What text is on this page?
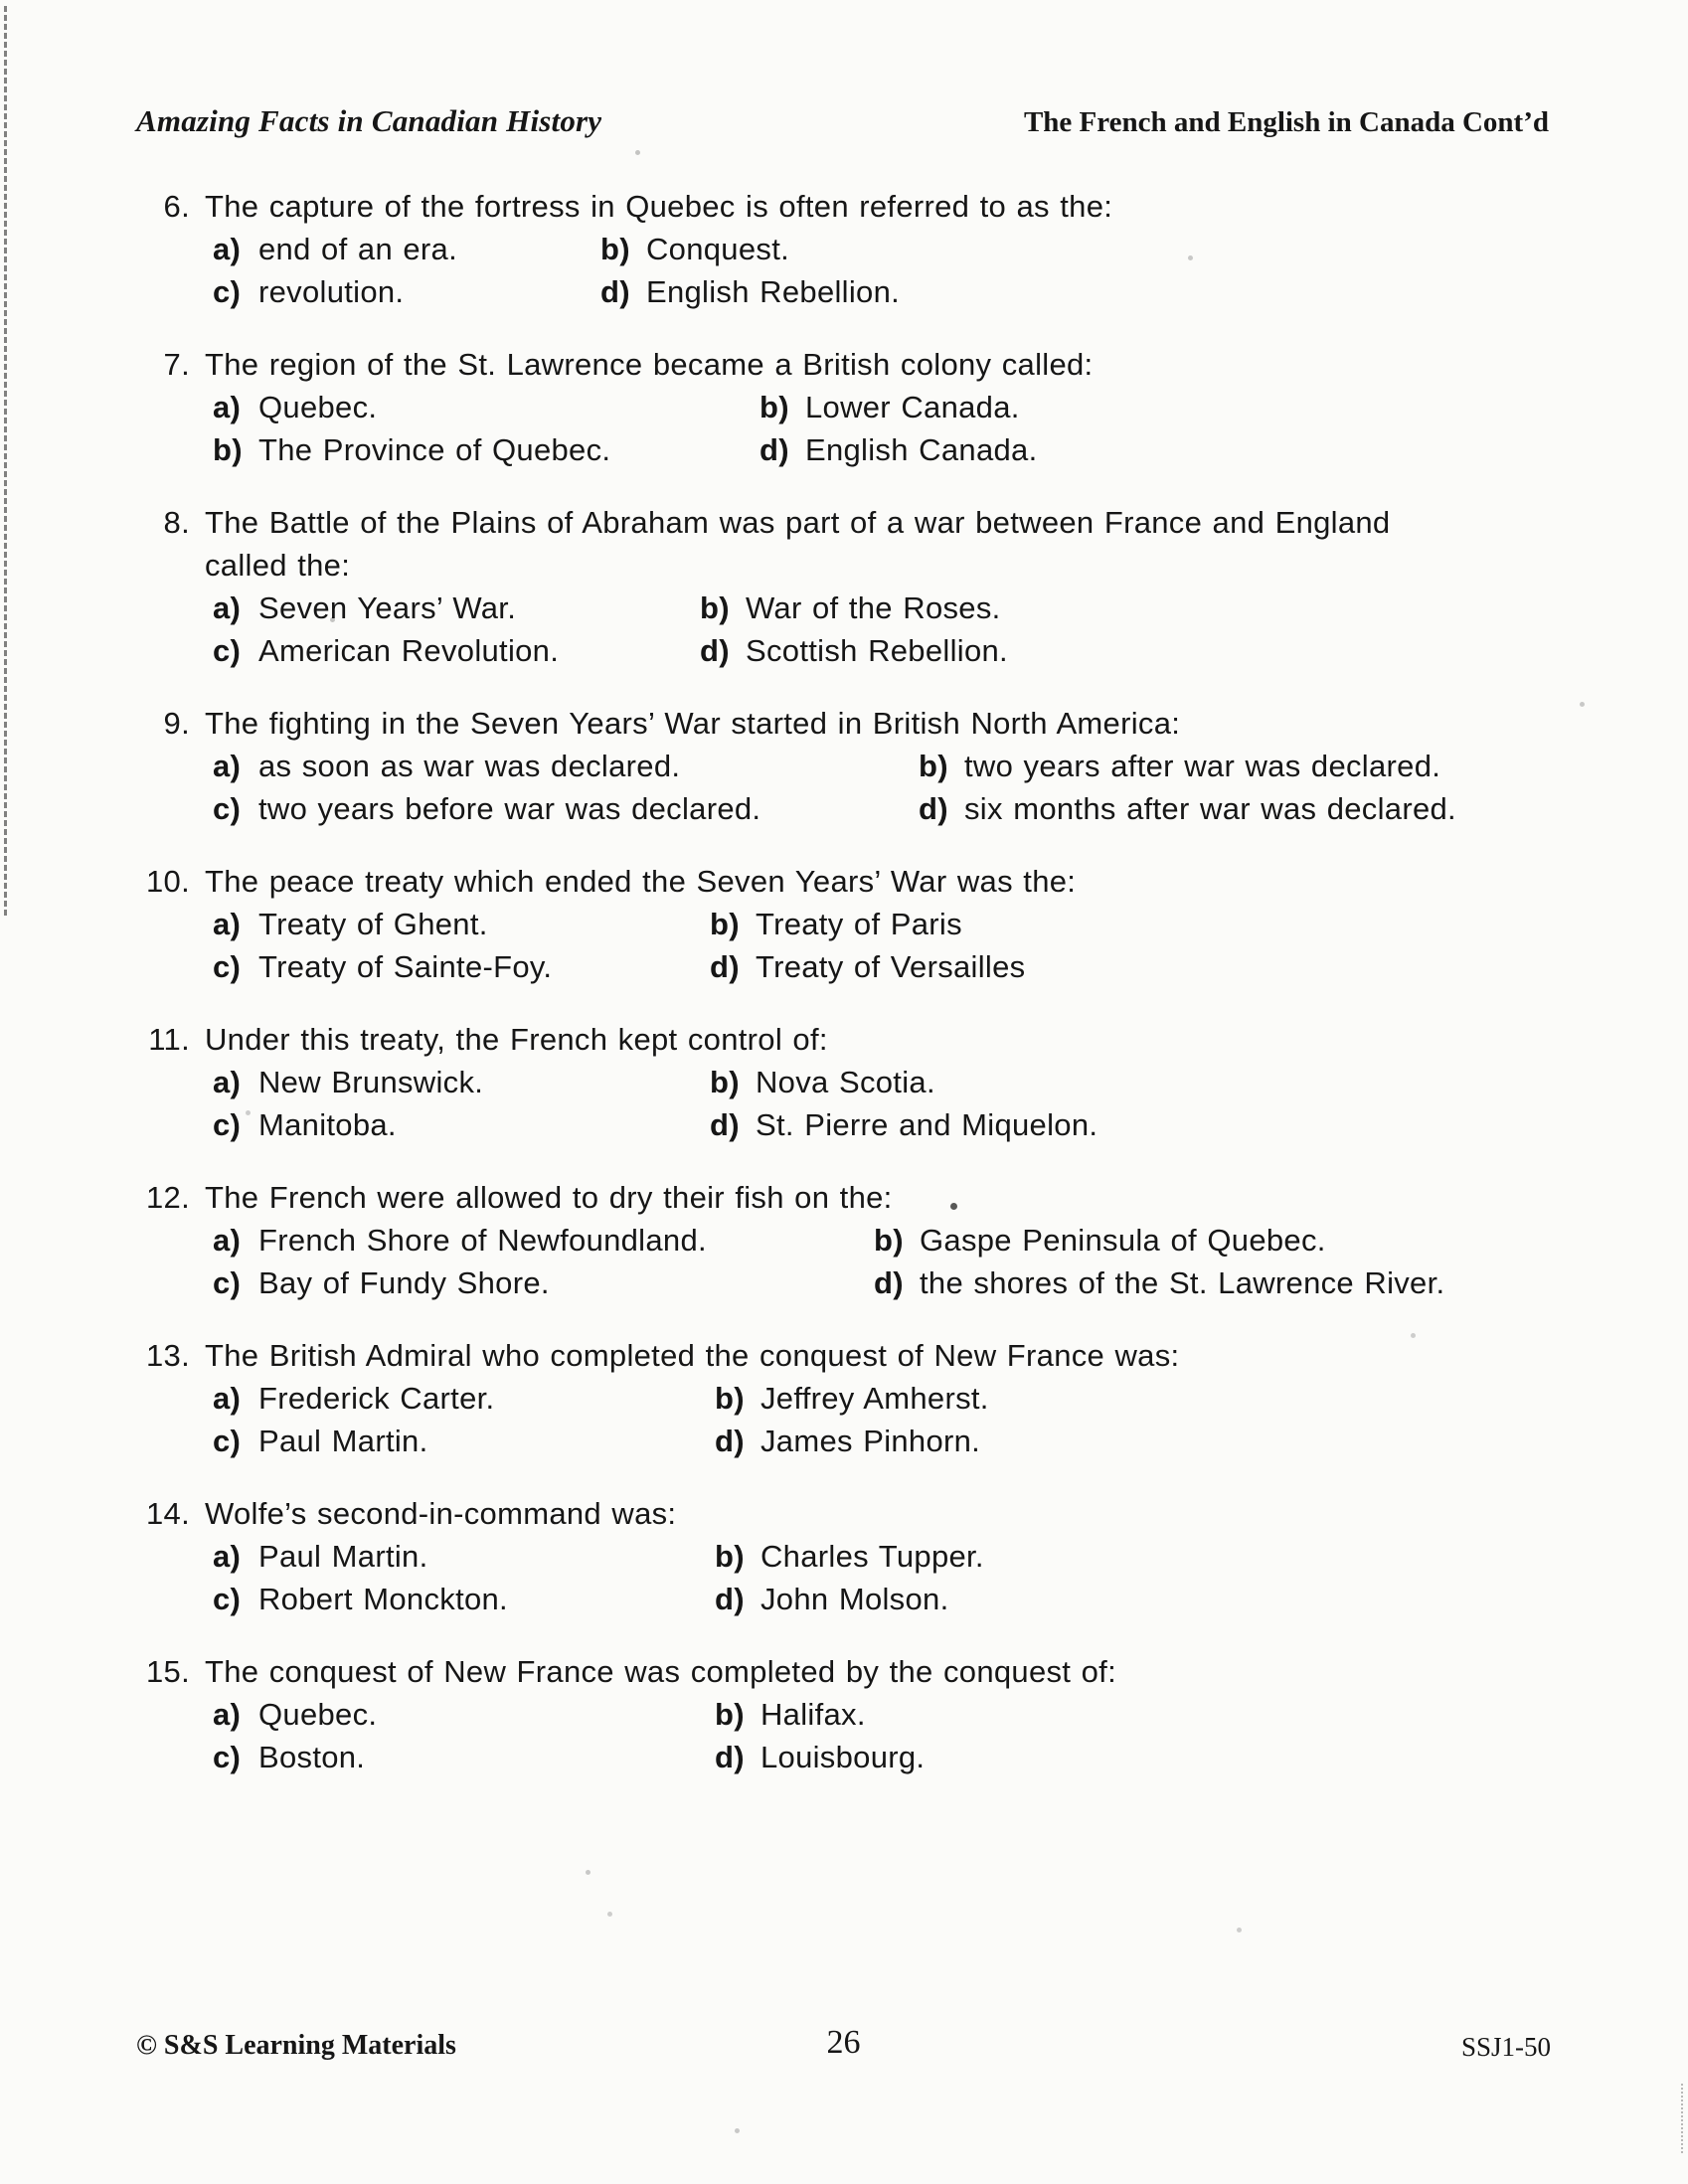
Amazing Facts in Canadian History	The French and English in Canada Cont’d
6. The capture of the fortress in Quebec is often referred to as the:
a) end of an era.	b) Conquest.
c) revolution.	d) English Rebellion.
7. The region of the St. Lawrence became a British colony called:
a) Quebec.	b) Lower Canada.
b) The Province of Quebec.	d) English Canada.
8. The Battle of the Plains of Abraham was part of a war between France and England
called the:
a) Seven Years’ War.	b) War of the Roses.
c) American Revolution.	d) Scottish Rebellion.
9. The fighting in the Seven Years’ War started in British North America:
a) as soon as war was declared.	b) two years after war was declared.
c) two years before war was declared.	d) six months after war was declared.
10. The peace treaty which ended the Seven Years’ War was the:
a) Treaty of Ghent.	b) Treaty of Paris
c) Treaty of Sainte-Foy.	d) Treaty of Versailles
11. Under this treaty, the French kept control of:
a) New Brunswick.	b) Nova Scotia.
c) Manitoba.	d) St. Pierre and Miquelon.
12. The French were allowed to dry their fish on the:
a) French Shore of Newfoundland.	b) Gaspe Peninsula of Quebec.
c) Bay of Fundy Shore.	d) the shores of the St. Lawrence River.
13. The British Admiral who completed the conquest of New France was:
a) Frederick Carter.	b) Jeffrey Amherst.
c) Paul Martin.	d) James Pinhorn.
14. Wolfe’s second-in-command was:
a) Paul Martin.	b) Charles Tupper.
c) Robert Monckton.	d) John Molson.
15. The conquest of New France was completed by the conquest of:
a) Quebec.	b) Halifax.
c) Boston.	d) Louisbourg.
© S&S Learning Materials	26	SSJ1-50
